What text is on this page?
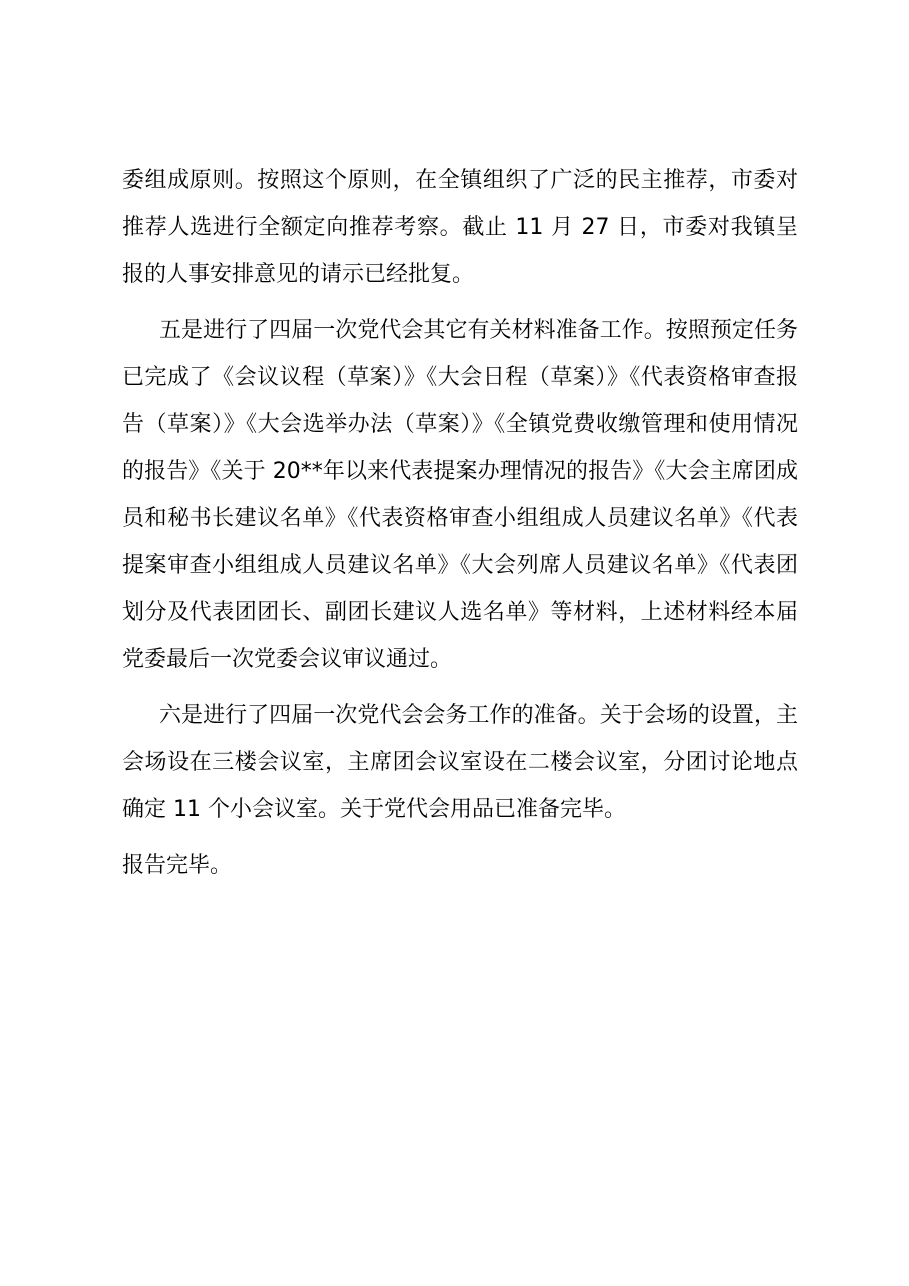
委组成原则。按照这个原则，在全镇组织了广泛的民主推荐，市委对推荐人选进行全额定向推荐考察。截止 11 月 27 日，市委对我镇呈报的人事安排意见的请示已经批复。

五是进行了四届一次党代会其它有关材料准备工作。按照预定任务已完成了《会议议程（草案）》《大会日程（草案）》《代表资格审查报告（草案）》《大会选举办法（草案）》《全镇党费收缴管理和使用情况的报告》《关于 20**年以来代表提案办理情况的报告》《大会主席团成员和秘书长建议名单》《代表资格审查小组组成人员建议名单》《代表提案审查小组组成人员建议名单》《大会列席人员建议名单》《代表团划分及代表团团长、副团长建议人选名单》等材料，上述材料经本届党委最后一次党委会议审议通过。

六是进行了四届一次党代会会务工作的准备。关于会场的设置，主会场设在三楼会议室，主席团会议室设在二楼会议室，分团讨论地点确定 11 个小会议室。关于党代会用品已准备完毕。

报告完毕。
